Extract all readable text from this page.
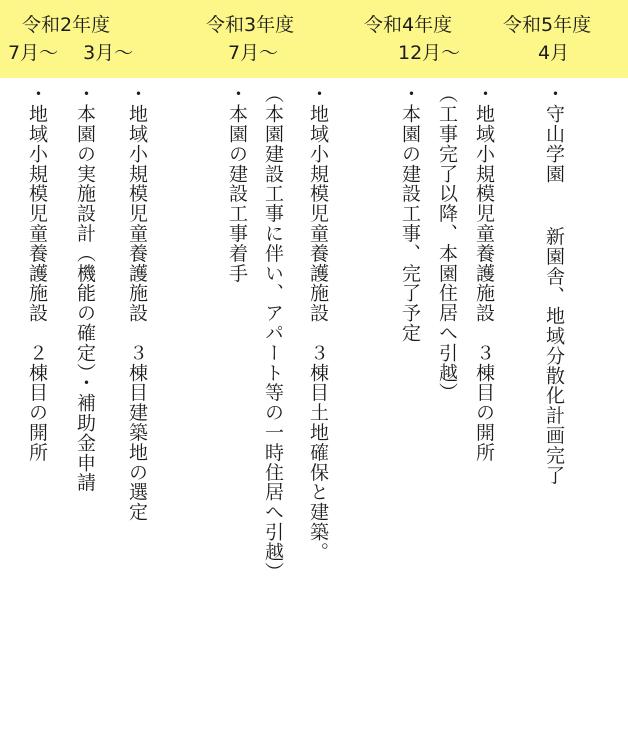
令和2年度
7月～　 3月～
令和3年度
7月～
令和4年度
12月～
令和5年度
4月
・守山学園　 新園舎、地域分散化計画完了
・地域小規模児童養護施設　３棟目の開所
（工事完了以降、本園住居へ引越）
・本園の建設工事、完了予定
・地域小規模児童養護施設　３棟目土地確保と建築。
（本園建設工事に伴い、アパート等の一時住居へ引越）
・本園の建設工事着手
・地域小規模児童養護施設　３棟目建築地の選定
・本園の実施設計（機能の確定）・補助金申請
・地域小規模児童養護施設　２棟目の開所
